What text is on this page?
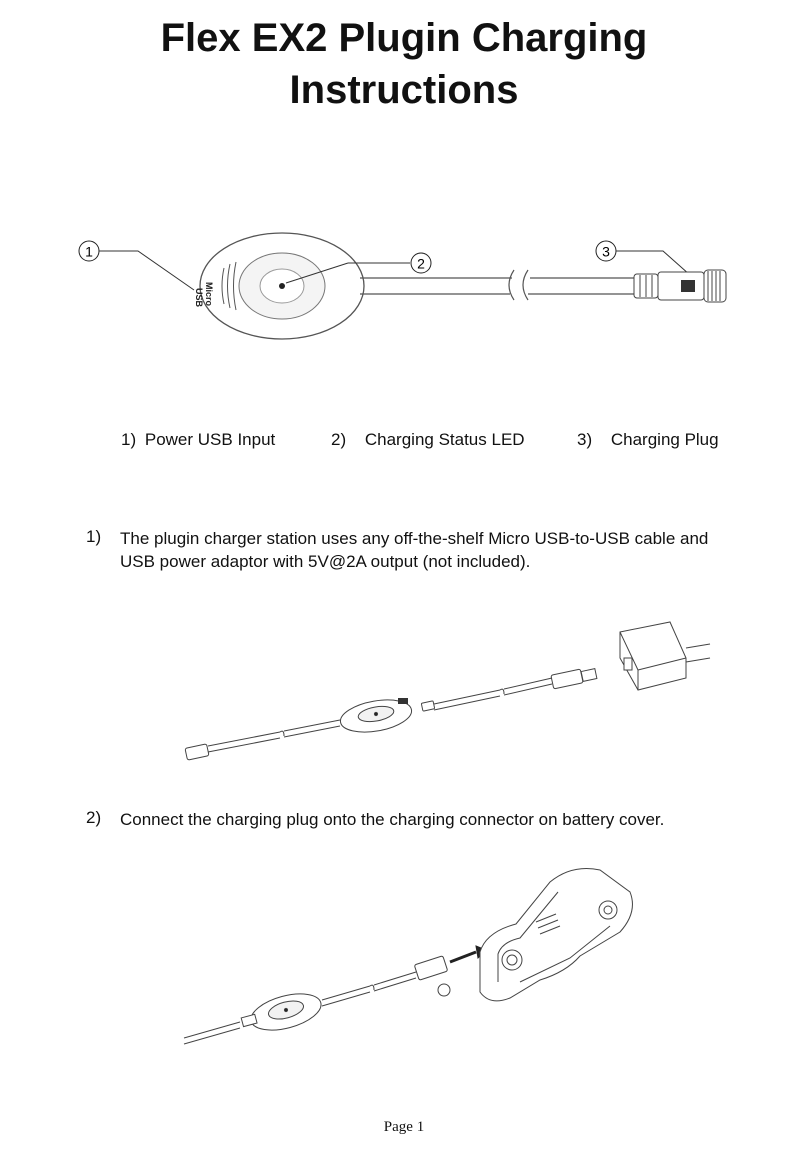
Flex EX2 Plugin Charging
Instructions
1
Micro
USB
2
3
1) Power USB Input	2) Charging Status LED	3) Charging Plug
1) The plugin charger station uses any off-the-shelf Micro USB-to-USB cable and USB power adaptor with 5V@2A output (not included).
2) Connect the charging plug onto the charging connector on battery cover.
Page 1
